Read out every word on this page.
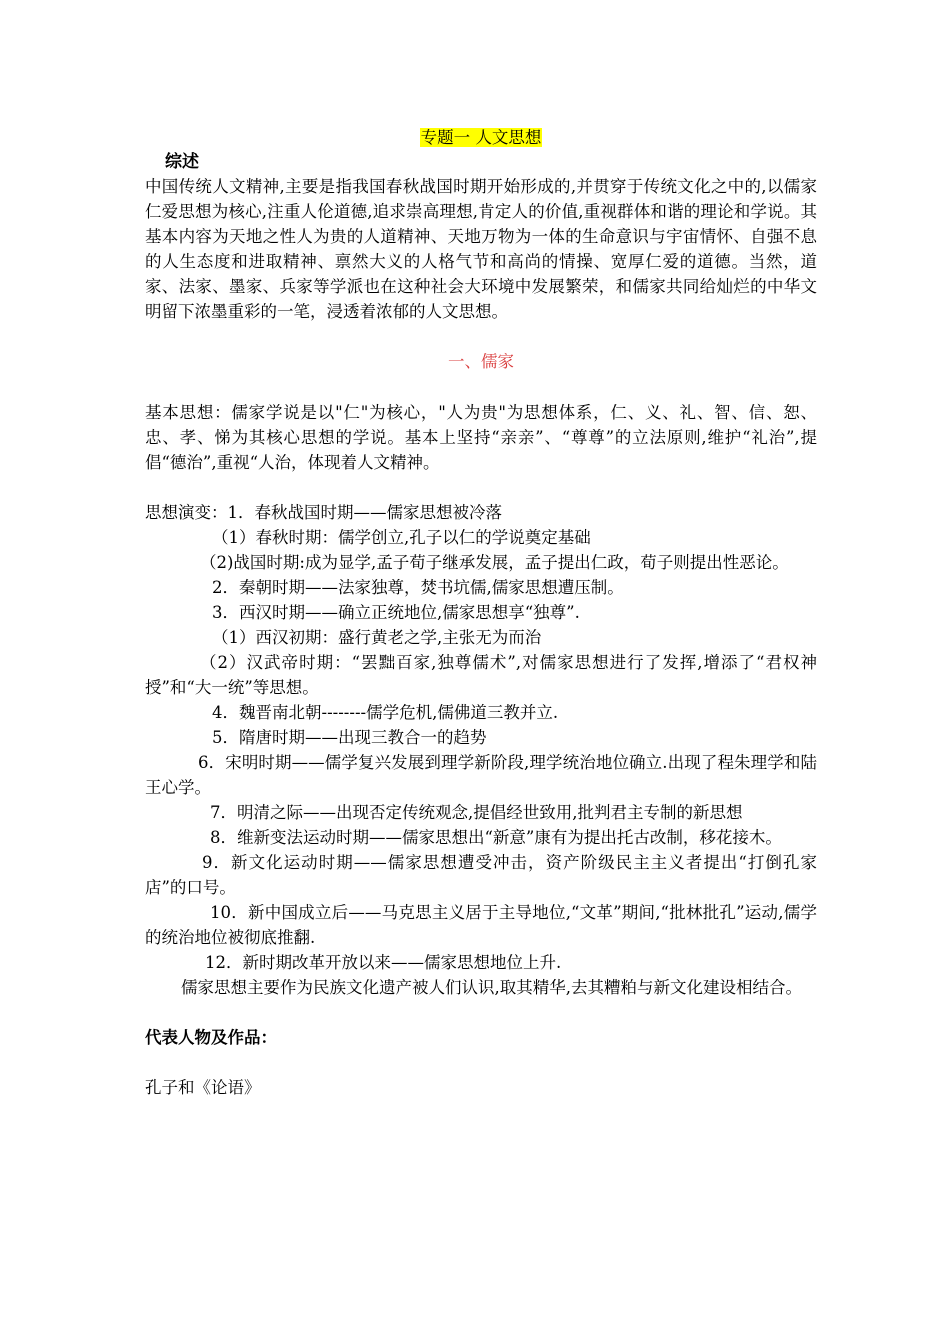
专题一 人文思想
综述

中国传统人文精神,主要是指我国春秋战国时期开始形成的,并贯穿于传统文化之中的,以儒家仁爱思想为核心,注重人伦道德,追求崇高理想,肯定人的价值,重视群体和谐的理论和学说。其基本内容为天地之性人为贵的人道精神、天地万物为一体的生命意识与宇宙情怀、自强不息的人生态度和进取精神、禀然大义的人格气节和高尚的情操、宽厚仁爱的道德。当然，道家、法家、墨家、兵家等学派也在这种社会大环境中发展繁荣，和儒家共同给灿烂的中华文明留下浓墨重彩的一笔，浸透着浓郁的人文思想。

一、儒家

基本思想：儒家学说是以"仁"为核心，"人为贵"为思想体系，仁、义、礼、智、信、恕、忠、孝、悌为其核心思想的学说。基本上坚持“亲亲”、“尊尊”的立法原则,维护“礼治”,提倡“德治”,重视“人治，体现着人文精神。

思想演变：1．春秋战国时期——儒家思想被冷落

（1）春秋时期：儒学创立,孔子以仁的学说奠定基础

（2)战国时期:成为显学,孟子荀子继承发展，孟子提出仁政，荀子则提出性恶论。

2．秦朝时期——法家独尊，焚书坑儒,儒家思想遭压制。

3．西汉时期——确立正统地位,儒家思想享“独尊”.

（1）西汉初期：盛行黄老之学,主张无为而治

（2）汉武帝时期：“罢黜百家,独尊儒术”,对儒家思想进行了发挥,增添了“君权神授”和“大一统”等思想。

4．魏晋南北朝--------儒学危机,儒佛道三教并立.

5．隋唐时期——出现三教合一的趋势

6．宋明时期——儒学复兴发展到理学新阶段,理学统治地位确立.出现了程朱理学和陆王心学。

7．明清之际——出现否定传统观念,提倡经世致用,批判君主专制的新思想

8．维新变法运动时期——儒家思想出“新意”康有为提出托古改制，移花接木。

9．新文化运动时期——儒家思想遭受冲击，资产阶级民主主义者提出“打倒孔家店”的口号。

10．新中国成立后——马克思主义居于主导地位,“文革”期间,“批林批孔”运动,儒学的统治地位被彻底推翻.

12．新时期改革开放以来——儒家思想地位上升.

儒家思想主要作为民族文化遗产被人们认识,取其精华,去其糟粕与新文化建设相结合。

代表人物及作品：

孔子和《论语》
